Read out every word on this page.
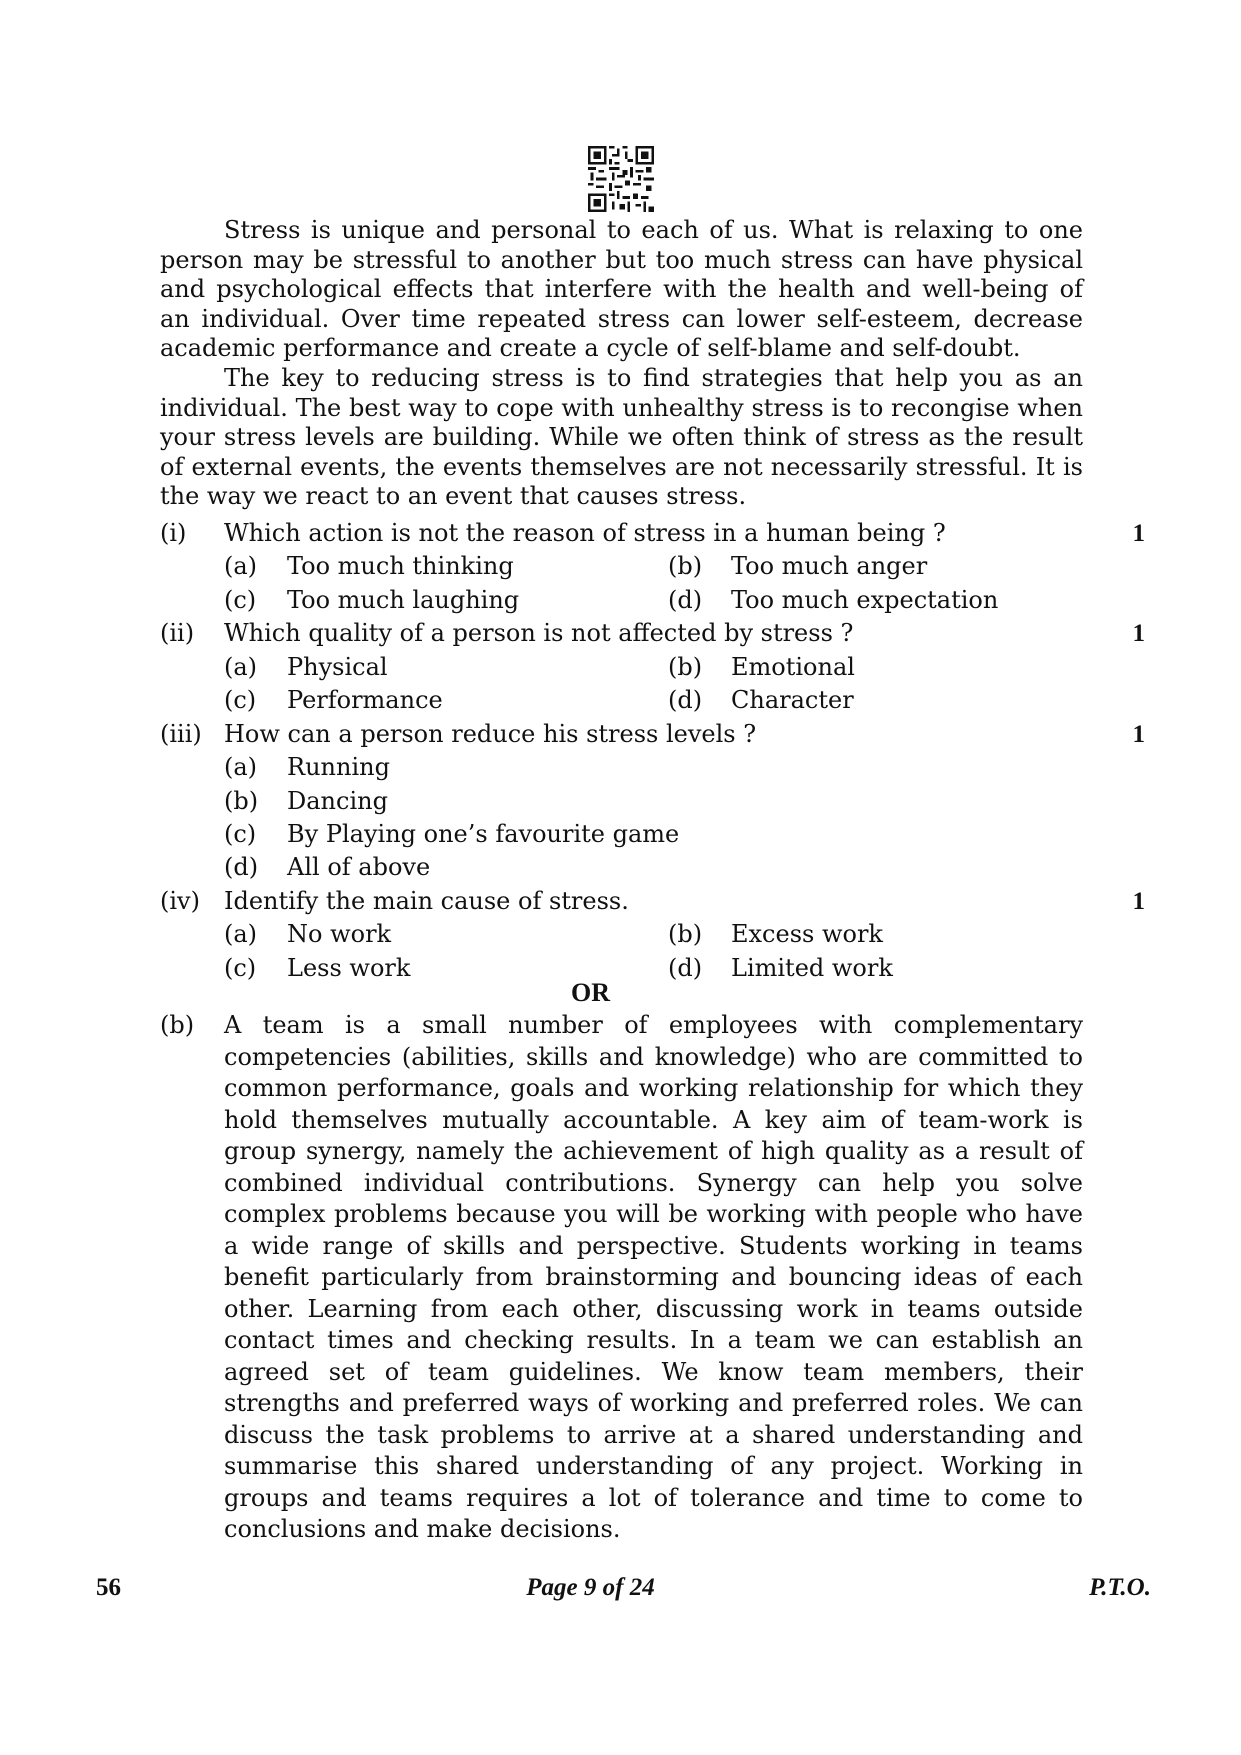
Stress is unique and personal to each of us. What is relaxing to one person may be stressful to another but too much stress can have physical and psychological effects that interfere with the health and well-being of an individual. Over time repeated stress can lower self-esteem, decrease academic performance and create a cycle of self-blame and self-doubt.

The key to reducing stress is to find strategies that help you as an individual. The best way to cope with unhealthy stress is to recongise when your stress levels are building. While we often think of stress as the result of external events, the events themselves are not necessarily stressful. It is the way we react to an event that causes stress.

(i) Which action is not the reason of stress in a human being ?	1
(a) Too much thinking	(b) Too much anger
(c) Too much laughing	(d) Too much expectation
(ii) Which quality of a person is not affected by stress ?	1
(a) Physical	(b) Emotional
(c) Performance	(d) Character
(iii) How can a person reduce his stress levels ?	1
(a) Running
(b) Dancing
(c) By Playing one’s favourite game
(d) All of above
(iv) Identify the main cause of stress.	1
(a) No work	(b) Excess work
(c) Less work	(d) Limited work
OR
(b) A team is a small number of employees with complementary competencies (abilities, skills and knowledge) who are committed to common performance, goals and working relationship for which they hold themselves mutually accountable. A key aim of team-work is group synergy, namely the achievement of high quality as a result of combined individual contributions. Synergy can help you solve complex problems because you will be working with people who have a wide range of skills and perspective. Students working in teams benefit particularly from brainstorming and bouncing ideas of each other. Learning from each other, discussing work in teams outside contact times and checking results. In a team we can establish an agreed set of team guidelines. We know team members, their strengths and preferred ways of working and preferred roles. We can discuss the task problems to arrive at a shared understanding and summarise this shared understanding of any project. Working in groups and teams requires a lot of tolerance and time to come to conclusions and make decisions.

56	Page 9 of 24	P.T.O.
